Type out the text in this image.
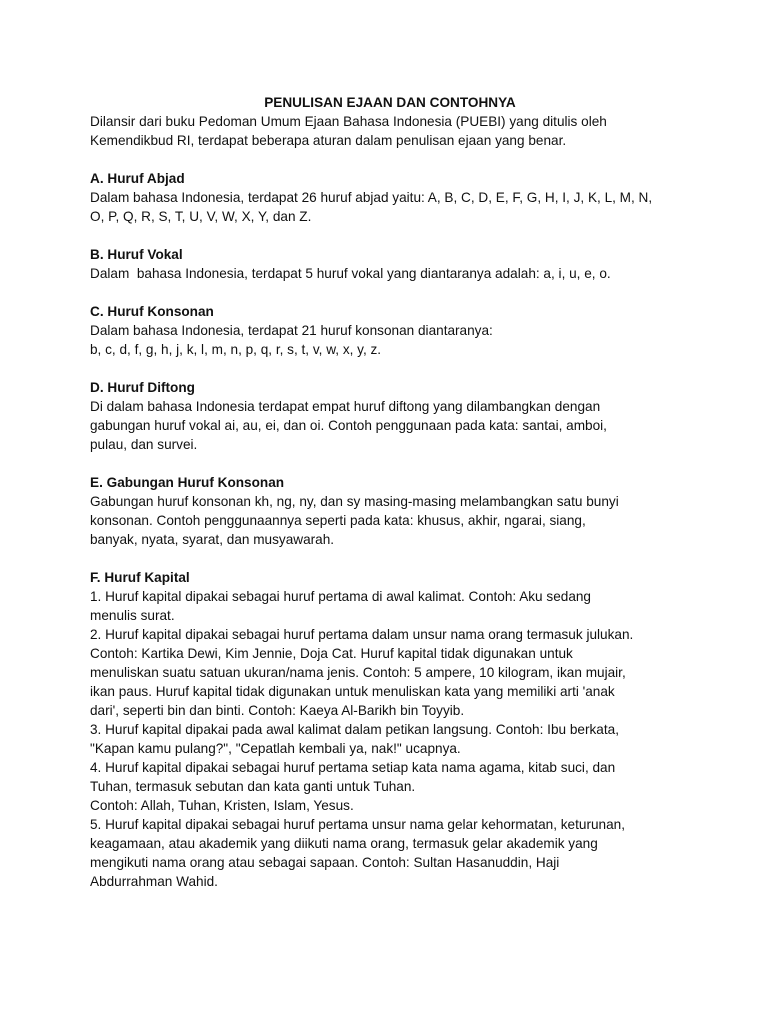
PENULISAN EJAAN DAN CONTOHNYA

Dilansir dari buku Pedoman Umum Ejaan Bahasa Indonesia (PUEBI) yang ditulis oleh
Kemendikbud RI, terdapat beberapa aturan dalam penulisan ejaan yang benar.

A. Huruf Abjad

Dalam bahasa Indonesia, terdapat 26 huruf abjad yaitu: A, B, C, D, E, F, G, H, I, J, K, L, M, N,
O, P, Q, R, S, T, U, V, W, X, Y, dan Z.

B. Huruf Vokal

Dalam  bahasa Indonesia, terdapat 5 huruf vokal yang diantaranya adalah: a, i, u, e, o.

C. Huruf Konsonan

Dalam bahasa Indonesia, terdapat 21 huruf konsonan diantaranya:
b, c, d, f, g, h, j, k, l, m, n, p, q, r, s, t, v, w, x, y, z.

D. Huruf Diftong

Di dalam bahasa Indonesia terdapat empat huruf diftong yang dilambangkan dengan
gabungan huruf vokal ai, au, ei, dan oi. Contoh penggunaan pada kata: santai, amboi,
pulau, dan survei.

E. Gabungan Huruf Konsonan

Gabungan huruf konsonan kh, ng, ny, dan sy masing-masing melambangkan satu bunyi
konsonan. Contoh penggunaannya seperti pada kata: khusus, akhir, ngarai, siang,
banyak, nyata, syarat, dan musyawarah.

F. Huruf Kapital

1. Huruf kapital dipakai sebagai huruf pertama di awal kalimat. Contoh: Aku sedang
menulis surat.
2. Huruf kapital dipakai sebagai huruf pertama dalam unsur nama orang termasuk julukan.
Contoh: Kartika Dewi, Kim Jennie, Doja Cat. Huruf kapital tidak digunakan untuk
menuliskan suatu satuan ukuran/nama jenis. Contoh: 5 ampere, 10 kilogram, ikan mujair,
ikan paus. Huruf kapital tidak digunakan untuk menuliskan kata yang memiliki arti 'anak
dari', seperti bin dan binti. Contoh: Kaeya Al-Barikh bin Toyyib.
3. Huruf kapital dipakai pada awal kalimat dalam petikan langsung. Contoh: Ibu berkata,
"Kapan kamu pulang?", "Cepatlah kembali ya, nak!" ucapnya.
4. Huruf kapital dipakai sebagai huruf pertama setiap kata nama agama, kitab suci, dan
Tuhan, termasuk sebutan dan kata ganti untuk Tuhan.
Contoh: Allah, Tuhan, Kristen, Islam, Yesus.
5. Huruf kapital dipakai sebagai huruf pertama unsur nama gelar kehormatan, keturunan,
keagamaan, atau akademik yang diikuti nama orang, termasuk gelar akademik yang
mengikuti nama orang atau sebagai sapaan. Contoh: Sultan Hasanuddin, Haji
Abdurrahman Wahid.
